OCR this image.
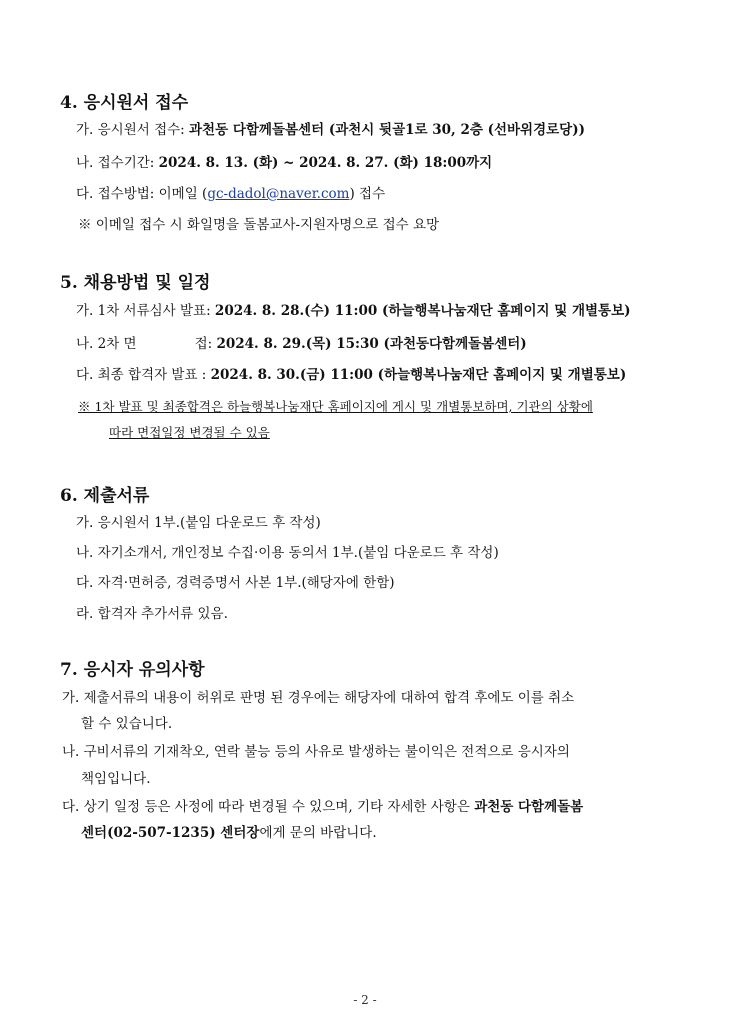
4. 응시원서 접수
가. 응시원서 접수: 과천동 다함께돌봄센터 (과천시 뒷골1로 30, 2층 (선바위경로당))
나. 접수기간: 2024. 8. 13. (화) ~ 2024. 8. 27. (화) 18:00까지
다. 접수방법: 이메일 (gc-dadol@naver.com) 접수
※ 이메일 접수 시 화일명을 돌봄교사-지원자명으로 접수 요망
5. 채용방법 및 일정
가. 1차 서류심사 발표: 2024. 8. 28.(수) 11:00 (하늘행복나눔재단 홈페이지 및 개별통보)
나. 2차 면	접: 2024. 8. 29.(목) 15:30 (과천동다함께돌봄센터)
다. 최종 합격자 발표 : 2024. 8. 30.(금) 11:00 (하늘행복나눔재단 홈페이지 및 개별통보)
※ 1차 발표 및 최종합격은 하늘행복나눔재단 홈페이지에 게시 및 개별통보하며, 기관의 상황에
따라 면접일정 변경될 수 있음
6. 제출서류
가. 응시원서 1부.(붙임 다운로드 후 작성)
나. 자기소개서, 개인정보 수집·이용 동의서 1부.(붙임 다운로드 후 작성)
다. 자격·면허증, 경력증명서 사본 1부.(해당자에 한함)
라. 합격자 추가서류 있음.
7. 응시자 유의사항
가. 제출서류의 내용이 허위로 판명 된 경우에는 해당자에 대하여 합격 후에도 이를 취소
할 수 있습니다.
나. 구비서류의 기재착오, 연락 불능 등의 사유로 발생하는 불이익은 전적으로 응시자의
책임입니다.
다. 상기 일정 등은 사정에 따라 변경될 수 있으며, 기타 자세한 사항은 과천동 다함께돌봄
센터(02-507-1235) 센터장에게 문의 바랍니다.
- 2 -
